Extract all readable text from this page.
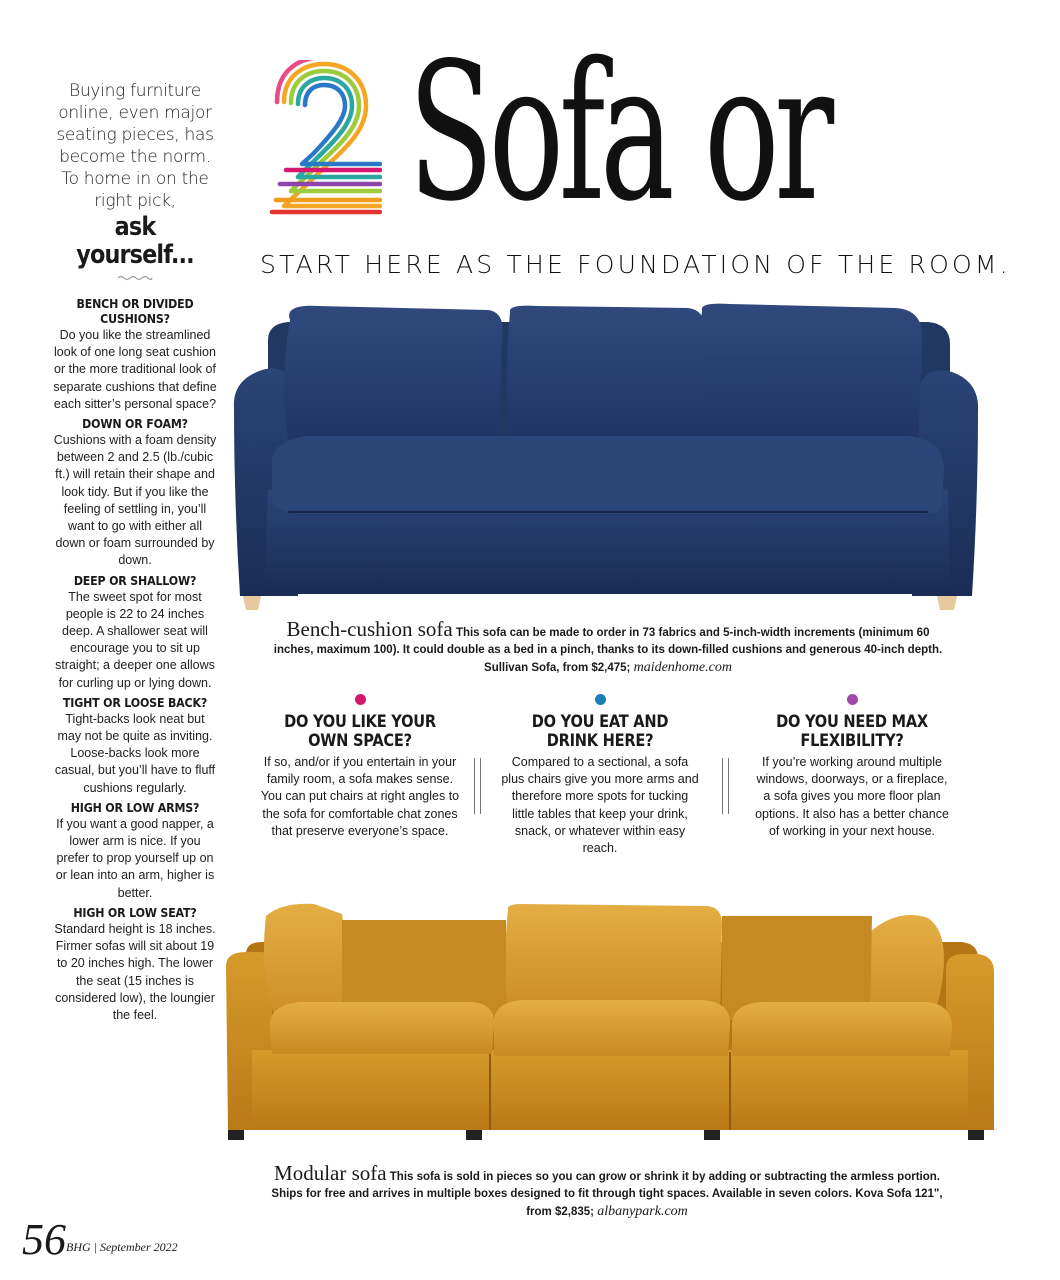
Buying furniture online, even major seating pieces, has become the norm. To home in on the right pick,
ask
yourself...
BENCH OR DIVIDED CUSHIONS?
Do you like the streamlined look of one long seat cushion or the more traditional look of separate cushions that define each sitter’s personal space?
DOWN OR FOAM?
Cushions with a foam density between 2 and 2.5 (lb./cubic ft.) will retain their shape and look tidy. But if you like the feeling of settling in, you’ll want to go with either all down or foam surrounded by down.
DEEP OR SHALLOW?
The sweet spot for most people is 22 to 24 inches deep. A shallower seat will encourage you to sit up straight; a deeper one allows for curling up or lying down.
TIGHT OR LOOSE BACK?
Tight-backs look neat but may not be quite as inviting. Loose-backs look more casual, but you’ll have to fluff cushions regularly.
HIGH OR LOW ARMS?
If you want a good napper, a lower arm is nice. If you prefer to prop yourself up on or lean into an arm, higher is better.
HIGH OR LOW SEAT?
Standard height is 18 inches. Firmer sofas will sit about 19 to 20 inches high. The lower the seat (15 inches is considered low), the loungier the feel.
Sofa or
START HERE AS THE FOUNDATION OF THE ROOM.
Bench-cushion sofa This sofa can be made to order in 73 fabrics and 5-inch-width increments (minimum 60 inches, maximum 100). It could double as a bed in a pinch, thanks to its down-filled cushions and generous 40-inch depth. Sullivan Sofa, from $2,475; maidenhome.com
DO YOU LIKE YOUR OWN SPACE?
If so, and/or if you entertain in your family room, a sofa makes sense. You can put chairs at right angles to the sofa for comfortable chat zones that preserve everyone’s space.
DO YOU EAT AND DRINK HERE?
Compared to a sectional, a sofa plus chairs give you more arms and therefore more spots for tucking little tables that keep your drink, snack, or whatever within easy reach.
DO YOU NEED MAX FLEXIBILITY?
If you’re working around multiple windows, doorways, or a fireplace, a sofa gives you more floor plan options. It also has a better chance of working in your next house.
Modular sofa This sofa is sold in pieces so you can grow or shrink it by adding or subtracting the armless portion. Ships for free and arrives in multiple boxes designed to fit through tight spaces. Available in seven colors. Kova Sofa 121", from $2,835; albanypark.com
56 BHG | September 2022
